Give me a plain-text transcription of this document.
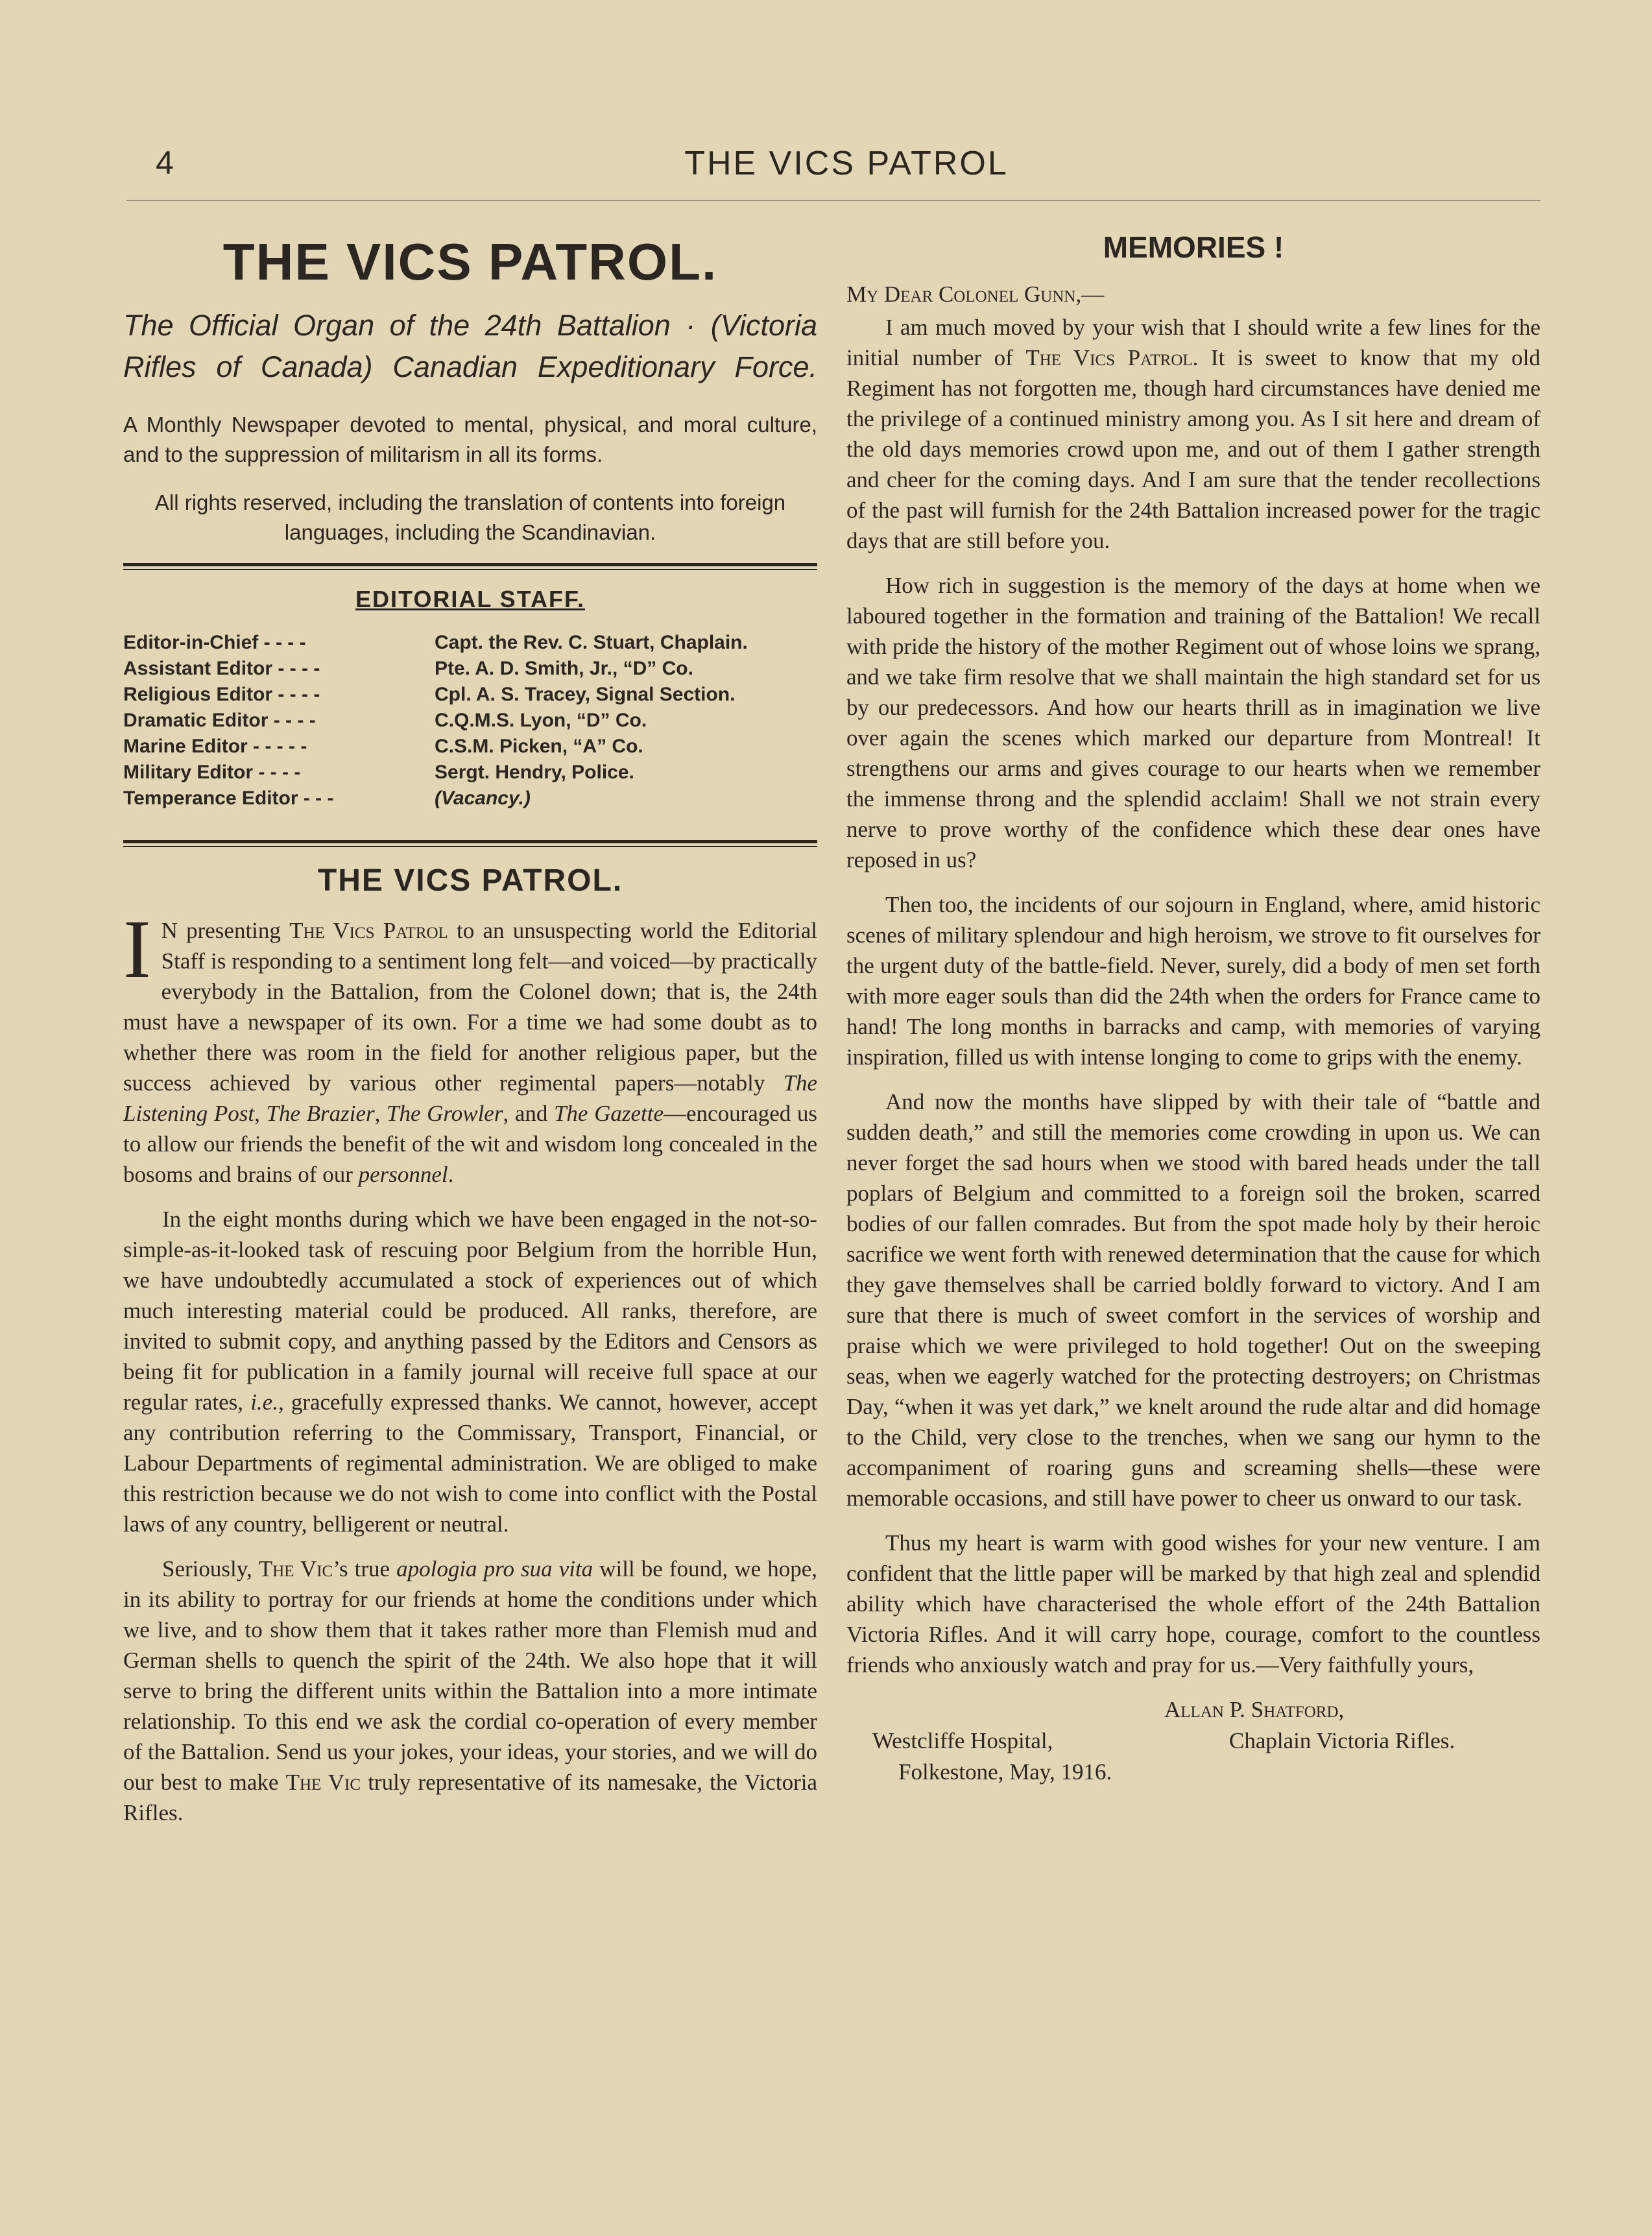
4	THE VICS PATROL
THE VICS PATROL.

The Official Organ of the 24th Battalion · (Victoria Rifles of Canada) Canadian Expeditionary Force.

A Monthly Newspaper devoted to mental, physical, and moral culture, and to the suppression of militarism in all its forms.

All rights reserved, including the translation of contents into foreign languages, including the Scandinavian.

EDITORIAL STAFF.
Editor-in-Chief - - - -	Capt. the Rev. C. Stuart, Chaplain.
Assistant Editor - - - -	Pte. A. D. Smith, Jr., “D” Co.
Religious Editor - - - -	Cpl. A. S. Tracey, Signal Section.
Dramatic Editor - - - -	C.Q.M.S. Lyon, “D” Co.
Marine Editor - - - - -	C.S.M. Picken, “A” Co.
Military Editor - - - -	Sergt. Hendry, Police.
Temperance Editor - - -	(Vacancy.)
THE VICS PATROL.

I N presenting The Vics Patrol to an unsuspecting world the Editorial Staff is responding to a sentiment long felt—and voiced—by practically everybody in the Battalion, from the Colonel down; that is, the 24th must have a newspaper of its own. For a time we had some doubt as to whether there was room in the field for another religious paper, but the success achieved by various other regimental papers—notably The Listening Post, The Brazier, The Growler, and The Gazette—encouraged us to allow our friends the benefit of the wit and wisdom long concealed in the bosoms and brains of our personnel.

In the eight months during which we have been engaged in the not-so-simple-as-it-looked task of rescuing poor Belgium from the horrible Hun, we have undoubtedly accumulated a stock of experiences out of which much interesting material could be produced. All ranks, therefore, are invited to submit copy, and anything passed by the Editors and Censors as being fit for publication in a family journal will receive full space at our regular rates, i.e., gracefully expressed thanks. We cannot, however, accept any contribution referring to the Commissary, Transport, Financial, or Labour Departments of regimental administration. We are obliged to make this restriction because we do not wish to come into conflict with the Postal laws of any country, belligerent or neutral.

Seriously, The Vic’s true apologia pro sua vita will be found, we hope, in its ability to portray for our friends at home the conditions under which we live, and to show them that it takes rather more than Flemish mud and German shells to quench the spirit of the 24th. We also hope that it will serve to bring the different units within the Battalion into a more intimate relationship. To this end we ask the cordial co-operation of every member of the Battalion. Send us your jokes, your ideas, your stories, and we will do our best to make The Vic truly representative of its namesake, the Victoria Rifles.

MEMORIES !

My Dear Colonel Gunn,—

I am much moved by your wish that I should write a few lines for the initial number of The Vics Patrol. It is sweet to know that my old Regiment has not forgotten me, though hard circumstances have denied me the privilege of a continued ministry among you. As I sit here and dream of the old days memories crowd upon me, and out of them I gather strength and cheer for the coming days. And I am sure that the tender recollections of the past will furnish for the 24th Battalion increased power for the tragic days that are still before you.

How rich in suggestion is the memory of the days at home when we laboured together in the formation and training of the Battalion! We recall with pride the history of the mother Regiment out of whose loins we sprang, and we take firm resolve that we shall maintain the high standard set for us by our predecessors. And how our hearts thrill as in imagination we live over again the scenes which marked our departure from Montreal! It strengthens our arms and gives courage to our hearts when we remember the immense throng and the splendid acclaim! Shall we not strain every nerve to prove worthy of the confidence which these dear ones have reposed in us?

Then too, the incidents of our sojourn in England, where, amid historic scenes of military splendour and high heroism, we strove to fit ourselves for the urgent duty of the battle-field. Never, surely, did a body of men set forth with more eager souls than did the 24th when the orders for France came to hand! The long months in barracks and camp, with memories of varying inspiration, filled us with intense longing to come to grips with the enemy.

And now the months have slipped by with their tale of “battle and sudden death,” and still the memories come crowding in upon us. We can never forget the sad hours when we stood with bared heads under the tall poplars of Belgium and committed to a foreign soil the broken, scarred bodies of our fallen comrades. But from the spot made holy by their heroic sacrifice we went forth with renewed determination that the cause for which they gave themselves shall be carried boldly forward to victory. And I am sure that there is much of sweet comfort in the services of worship and praise which we were privileged to hold together! Out on the sweeping seas, when we eagerly watched for the protecting destroyers; on Christmas Day, “when it was yet dark,” we knelt around the rude altar and did homage to the Child, very close to the trenches, when we sang our hymn to the accompaniment of roaring guns and screaming shells—these were memorable occasions, and still have power to cheer us onward to our task.

Thus my heart is warm with good wishes for your new venture. I am confident that the little paper will be marked by that high zeal and splendid ability which have characterised the whole effort of the 24th Battalion Victoria Rifles. And it will carry hope, courage, comfort to the countless friends who anxiously watch and pray for us.—Very faithfully yours,

Allan P. Shatford,
Westcliffe Hospital,	Chaplain Victoria Rifles.
Folkestone, May, 1916.
